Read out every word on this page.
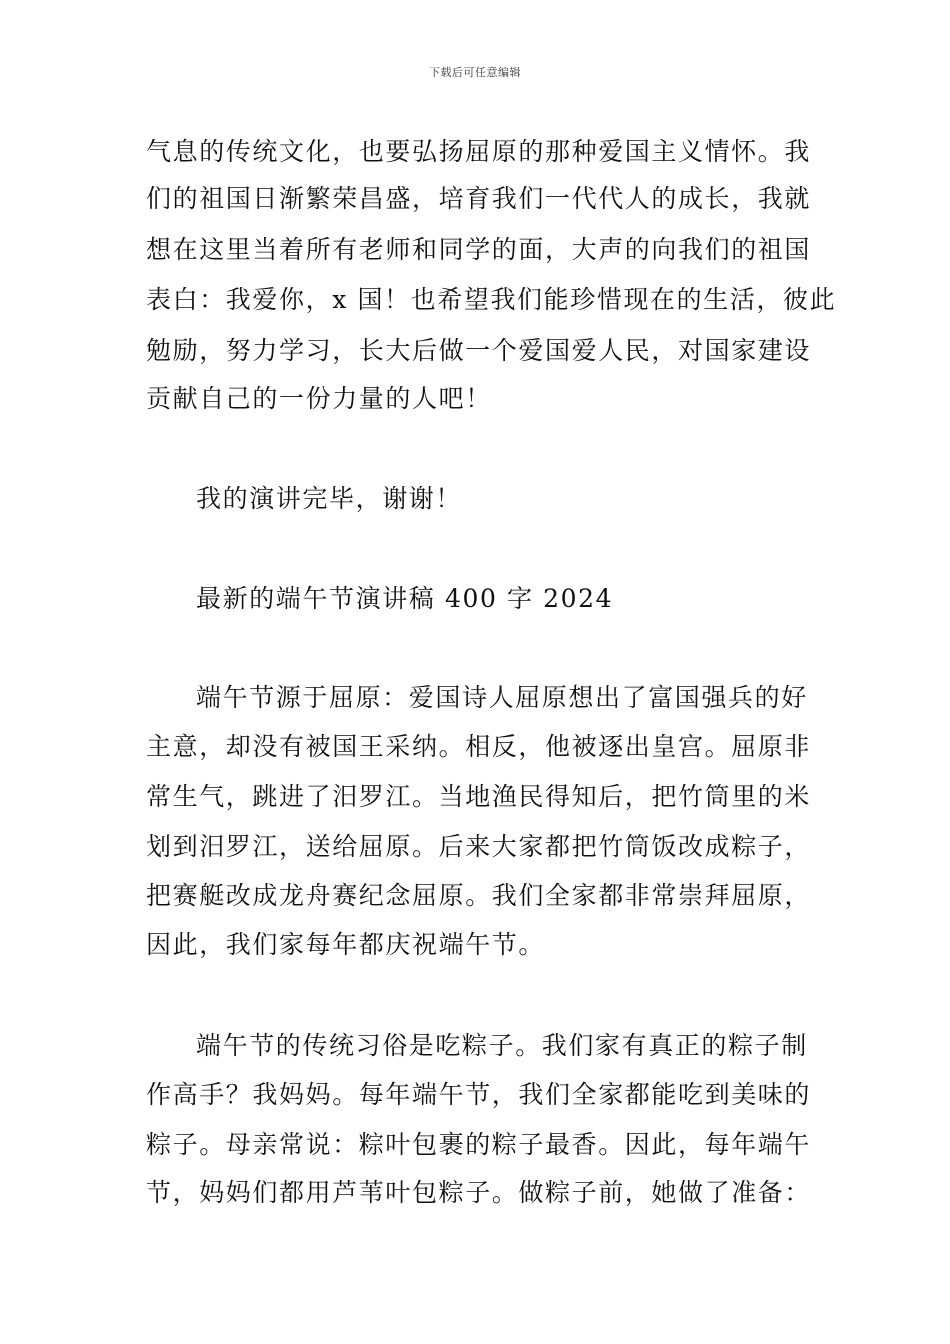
下载后可任意编辑
气息的传统文化，也要弘扬屈原的那种爱国主义情怀。我
们的祖国日渐繁荣昌盛，培育我们一代代人的成长，我就
想在这里当着所有老师和同学的面，大声的向我们的祖国
表白：我爱你，x 国！也希望我们能珍惜现在的生活，彼此
勉励，努力学习，长大后做一个爱国爱人民，对国家建设
贡献自己的一份力量的人吧！
我的演讲完毕，谢谢！
最新的端午节演讲稿 400 字 2024
端午节源于屈原：爱国诗人屈原想出了富国强兵的好
主意，却没有被国王采纳。相反，他被逐出皇宫。屈原非
常生气，跳进了汨罗江。当地渔民得知后，把竹筒里的米
划到汨罗江，送给屈原。后来大家都把竹筒饭改成粽子，
把赛艇改成龙舟赛纪念屈原。我们全家都非常崇拜屈原，
因此，我们家每年都庆祝端午节。
端午节的传统习俗是吃粽子。我们家有真正的粽子制
作高手？我妈妈。每年端午节，我们全家都能吃到美味的
粽子。母亲常说：粽叶包裹的粽子最香。因此，每年端午
节，妈妈们都用芦苇叶包粽子。做粽子前，她做了准备：
